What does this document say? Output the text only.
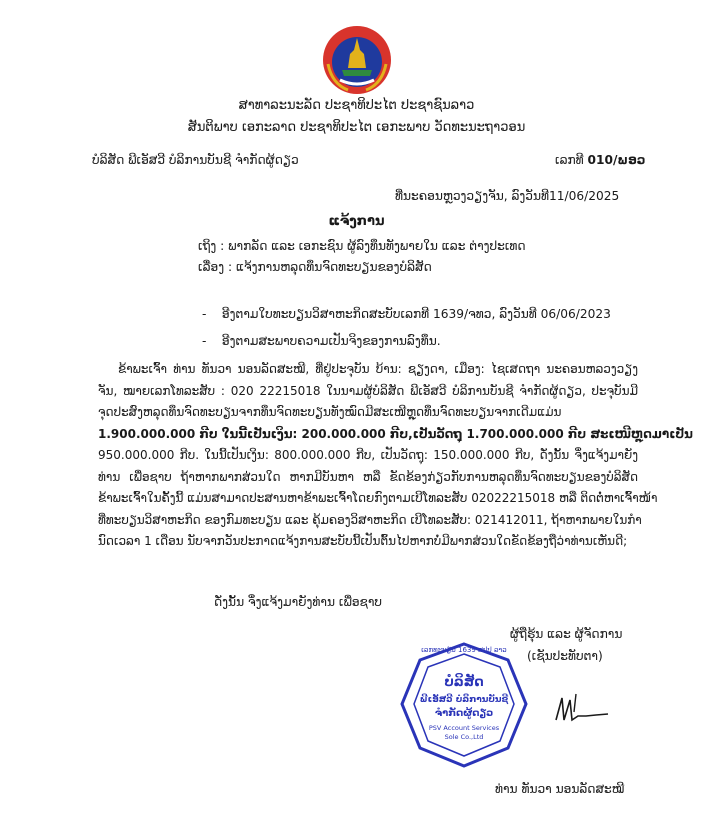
ສາທາລະນະລັດ ປະຊາທິປະໄຕ ປະຊາຊົນລາວ
ສັນຕິພາບ ເອກະລາດ ປະຊາທິປະໄຕ ເອກະພາບ ວັດທະນະຖາວອນ
ບໍລິສັດ ພີເອັສວີ ບໍລິການບັນຊີ ຈໍາກັດຜູ້ດຽວ	ເລກທີ 010/ພອວ
ທີ່ນະຄອນຫຼວງວຽງຈັນ, ລົງວັນທີ11/06/2025
ແຈ້ງການ
ເຖິງ : ພາກລັດ ແລະ ເອກະຊົນ ຜູ້ລົງທຶນທັງພາຍໃນ ແລະ ຕ່າງປະເທດ
ເລື່ອງ : ແຈ້ງການຫລຸດທຶນຈົດທະບຽນຂອງບໍລິສັດ
- ອີງຕາມໃບທະບຽນວິສາຫະກິດສະບັບເລກທີ 1639/ຈທວ, ລົງວັນທີ 06/06/2023
- ອີງຕາມສະພາບຄວາມເປັນຈິງຂອງການລົງທຶນ.
ຂ້າພະເຈົ້າ ທ່ານ ທັນວາ ນອນລັດສະໝີ, ທີ່ຢູ່ປະຈຸບັນ ບ້ານ: ຊຽງດາ, ເມືອງ: ໄຊເສດຖາ ນະຄອນຫລວງວຽງ
ຈັນ, ໝາຍເລກໂທລະສັບ : 020 22215018 ໃນນາມຜູ້ບໍລິສັດ ພີເອັສວີ ບໍລິການບັນຊີ ຈໍາກັດຜູ້ດຽວ, ປະຈຸບັນມີ
ຈຸດປະສົງຫລຸດທຶນຈົດທະບຽນຈາກທຶນຈົດທະບຽນທັງໝົດມີສະເໜີຫຼຸດທຶນຈົດທະບຽນຈາກເດີມແມ່ນ
1.900.000.000 ກີບ ໃນນີ້ເປັນເງິນ: 200.000.000 ກີບ,ເປັນວັດຖຸ 1.700.000.000 ກີບ ສະເໜີຫຼຸດມາເປັນ
950.000.000 ກີບ. ໃນນີ້ເປັນເງິນ: 800.000.000 ກີບ, ເປັນວັດຖຸ: 150.000.000 ກີບ, ດັ່ງນັ້ນ ຈຶ່ງແຈ້ງມາຍັງ
ທ່ານ ເພື່ອຊາບ ຖ້າຫາກພາກສ່ວນໃດ ຫາກມີບັນຫາ ຫລື ຂັດຂ້ອງກ່ຽວກັບການຫລຸດທຶນຈົດທະບຽນຂອງບໍລິສັດ
ຂ້າພະເຈົ້າໃນຄັ້ງນີ້ ແມ່ນສາມາດປະສານຫາຂ້າພະເຈົ້າໂດຍກົງຕາມເບີໂທລະສັບ 02022215018 ຫລື ຕິດຕໍ່ຫາເຈົ້າໜ້າ
ທີ່ທະບຽນວິສາຫະກິດ ຂອງກົມທະບຽນ ແລະ ຄຸ້ມຄອງວິສາຫະກິດ ເບີໂທລະສັບ: 021412011, ຖ້າຫາກພາຍໃນກໍາ
ນົດເວລາ 1 ເດືອນ ນັບຈາກວັນປະກາດແຈ້ງການສະບັບນີ້ເປັນຕົ້ນໄປຫາກບໍ່ມີພາກສ່ວນໃດຂັດຂ້ອງຖືວ່າທ່ານເຫັນດີ;
ດັ່ງນັ້ນ ຈຶ່ງແຈ້ງມາຍັງທ່ານ ເພື່ອຊາບ
ຜູ້ຖືຮຸ້ນ ແລະ ຜູ້ຈັດການ
(ເຊັນປະທັບຕາ)
ເລກທະບຽນ 1639 ສປປ ລາວ
ບໍລິສັດ
ພີເອັສວີ ບໍລິການບັນຊີ
ຈໍາກັດຜູ້ດຽວ
PSV Account Services
Sole Co.,Ltd
ທ່ານ ທັນວາ ນອນລັດສະໝີ
